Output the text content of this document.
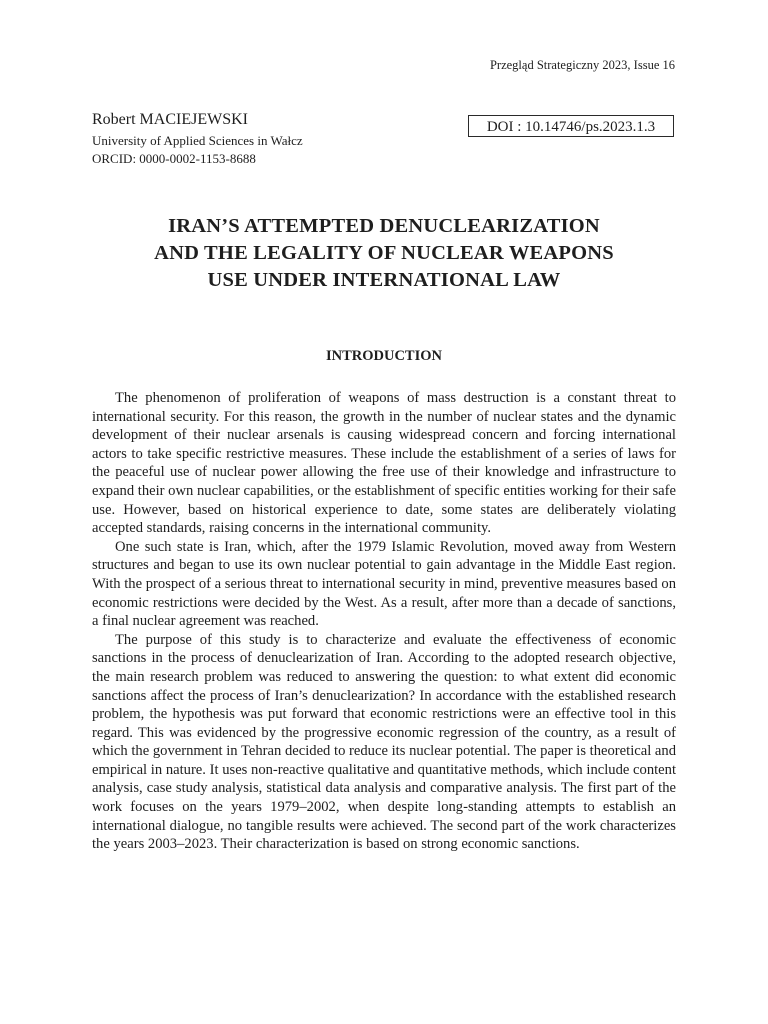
Przegląd Strategiczny 2023, Issue 16
Robert MACIEJEWSKI
University of Applied Sciences in Wałcz
ORCID: 0000-0002-1153-8688
DOI : 10.14746/ps.2023.1.3
IRAN’S ATTEMPTED DENUCLEARIZATION
AND THE LEGALITY OF NUCLEAR WEAPONS
USE UNDER INTERNATIONAL LAW
INTRODUCTION

The phenomenon of proliferation of weapons of mass destruction is a constant threat to international security. For this reason, the growth in the number of nuclear states and the dynamic development of their nuclear arsenals is causing widespread concern and forcing international actors to take specific restrictive measures. These include the establishment of a series of laws for the peaceful use of nuclear power allowing the free use of their knowledge and infrastructure to expand their own nuclear capabilities, or the establishment of specific entities working for their safe use. However, based on historical experience to date, some states are deliberately violating accepted standards, raising concerns in the international community.

One such state is Iran, which, after the 1979 Islamic Revolution, moved away from Western structures and began to use its own nuclear potential to gain advantage in the Middle East region. With the prospect of a serious threat to international security in mind, preventive measures based on economic restrictions were decided by the West. As a result, after more than a decade of sanctions, a final nuclear agreement was reached.

The purpose of this study is to characterize and evaluate the effectiveness of economic sanctions in the process of denuclearization of Iran. According to the adopted research objective, the main research problem was reduced to answering the question: to what extent did economic sanctions affect the process of Iran’s denuclearization? In accordance with the established research problem, the hypothesis was put forward that economic restrictions were an effective tool in this regard. This was evidenced by the progressive economic regression of the country, as a result of which the government in Tehran decided to reduce its nuclear potential. The paper is theoretical and empirical in nature. It uses non-reactive qualitative and quantitative methods, which include content analysis, case study analysis, statistical data analysis and comparative analysis. The first part of the work focuses on the years 1979–2002, when despite long-standing attempts to establish an international dialogue, no tangible results were achieved. The second part of the work characterizes the years 2003–2023. Their characterization is based on strong economic sanctions.
